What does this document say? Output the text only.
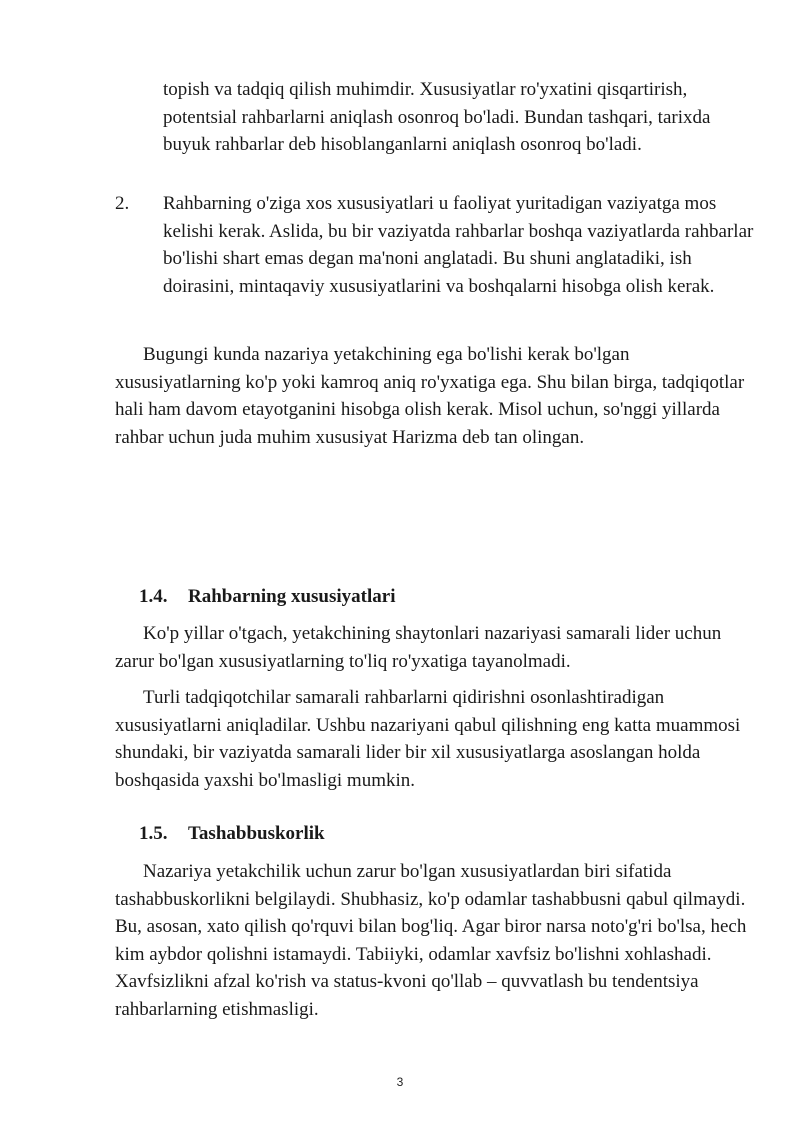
topish va tadqiq qilish muhimdir. Xususiyatlar ro'yxatini qisqartirish, potentsial rahbarlarni aniqlash osonroq bo'ladi. Bundan tashqari, tarixda buyuk rahbarlar deb hisoblanganlarni aniqlash osonroq bo'ladi.

2. Rahbarning o'ziga xos xususiyatlari u faoliyat yuritadigan vaziyatga mos kelishi kerak. Aslida, bu bir vaziyatda rahbarlar boshqa vaziyatlarda rahbarlar bo'lishi shart emas degan ma'noni anglatadi. Bu shuni anglatadiki, ish doirasini, mintaqaviy xususiyatlarini va boshqalarni hisobga olish kerak.

Bugungi kunda nazariya yetakchining ega bo'lishi kerak bo'lgan xususiyatlarning ko'p yoki kamroq aniq ro'yxatiga ega. Shu bilan birga, tadqiqotlar hali ham davom etayotganini hisobga olish kerak. Misol uchun, so'nggi yillarda rahbar uchun juda muhim xususiyat Harizma deb tan olingan.

1.4. Rahbarning xususiyatlari

Ko'p yillar o'tgach, yetakchining shaytonlari nazariyasi samarali lider uchun zarur bo'lgan xususiyatlarning to'liq ro'yxatiga tayanolmadi.

Turli tadqiqotchilar samarali rahbarlarni qidirishni osonlashtiradigan xususiyatlarni aniqladilar. Ushbu nazariyani qabul qilishning eng katta muammosi shundaki, bir vaziyatda samarali lider bir xil xususiyatlarga asoslangan holda boshqasida yaxshi bo'lmasligi mumkin.

1.5. Tashabbuskorlik

Nazariya yetakchilik uchun zarur bo'lgan xususiyatlardan biri sifatida tashabbuskorlikni belgilaydi. Shubhasiz, ko'p odamlar tashabbusni qabul qilmaydi. Bu, asosan, xato qilish qo'rquvi bilan bog'liq. Agar biror narsa noto'g'ri bo'lsa, hech kim aybdor qolishni istamaydi. Tabiiyki, odamlar xavfsiz bo'lishni xohlashadi. Xavfsizlikni afzal ko'rish va status-kvoni qo'llab – quvvatlash bu tendentsiya rahbarlarning etishmasligi.

3
